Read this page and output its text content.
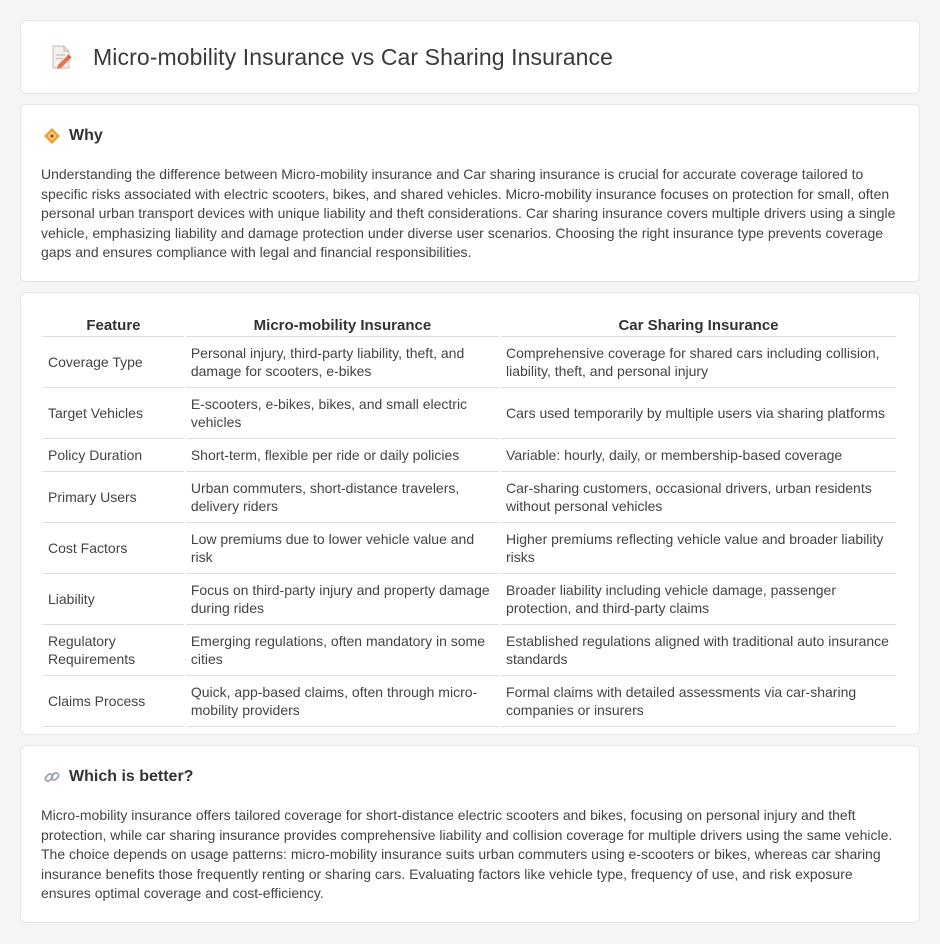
Micro-mobility Insurance vs Car Sharing Insurance
Why

Understanding the difference between Micro-mobility insurance and Car sharing insurance is crucial for accurate coverage tailored to specific risks associated with electric scooters, bikes, and shared vehicles. Micro-mobility insurance focuses on protection for small, often personal urban transport devices with unique liability and theft considerations. Car sharing insurance covers multiple drivers using a single vehicle, emphasizing liability and damage protection under diverse user scenarios. Choosing the right insurance type prevents coverage gaps and ensures compliance with legal and financial responsibilities.

Feature	Micro-mobility Insurance	Car Sharing Insurance
Coverage Type	Personal injury, third-party liability, theft, and damage for scooters, e-bikes	Comprehensive coverage for shared cars including collision, liability, theft, and personal injury
Target Vehicles	E-scooters, e-bikes, bikes, and small electric vehicles	Cars used temporarily by multiple users via sharing platforms
Policy Duration	Short-term, flexible per ride or daily policies	Variable: hourly, daily, or membership-based coverage
Primary Users	Urban commuters, short-distance travelers, delivery riders	Car-sharing customers, occasional drivers, urban residents without personal vehicles
Cost Factors	Low premiums due to lower vehicle value and risk	Higher premiums reflecting vehicle value and broader liability risks
Liability	Focus on third-party injury and property damage during rides	Broader liability including vehicle damage, passenger protection, and third-party claims
Regulatory Requirements	Emerging regulations, often mandatory in some cities	Established regulations aligned with traditional auto insurance standards
Claims Process	Quick, app-based claims, often through micro-mobility providers	Formal claims with detailed assessments via car-sharing companies or insurers
Which is better?

Micro-mobility insurance offers tailored coverage for short-distance electric scooters and bikes, focusing on personal injury and theft protection, while car sharing insurance provides comprehensive liability and collision coverage for multiple drivers using the same vehicle. The choice depends on usage patterns: micro-mobility insurance suits urban commuters using e-scooters or bikes, whereas car sharing insurance benefits those frequently renting or sharing cars. Evaluating factors like vehicle type, frequency of use, and risk exposure ensures optimal coverage and cost-efficiency.
